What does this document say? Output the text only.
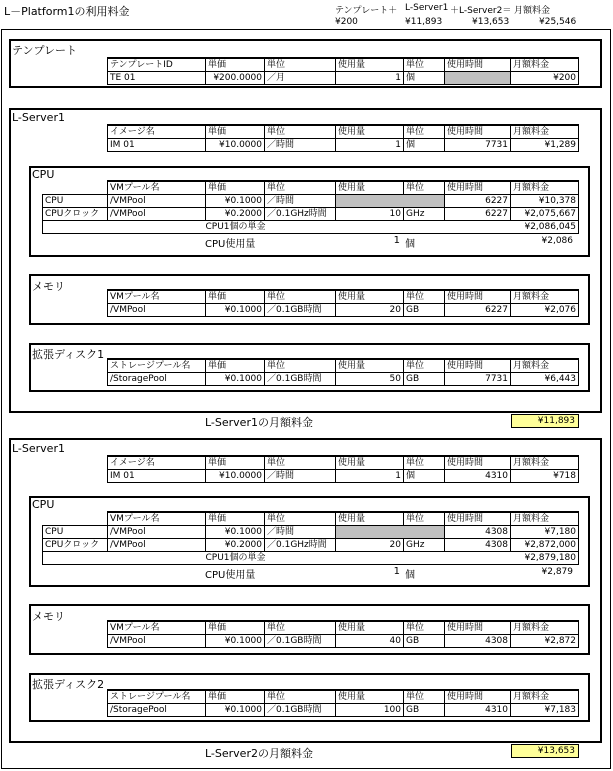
L－Platform1の利用料金	テンプレート＋ L-Server1 ＋L-Server2＝ 月額料金
¥200	¥11,893	¥13,653	¥25,546
テンプレート
テンプレートID	単価	単位	使用量	単位	使用時間	月額料金
TE 01	¥200.0000	／月	1	個		¥200
L-Server1
イメージ名	単価	単位	使用量	単位	使用時間	月額料金
IM 01	¥10.0000	／時間	1	個	7731	¥1,289
CPU
	VMプール名	単価	単位	使用量	単位	使用時間	月額料金
CPU	/VMPool	¥0.1000	／時間			6227	¥10,378
CPUクロック	/VMPool	¥0.2000	／0.1GHz時間	10	GHz	6227	¥2,075,667
		CPU1個の単金					¥2,086,045
CPU使用量	1 個	¥2,086
メモリ
VMプール名	単価	単位	使用量	単位	使用時間	月額料金
/VMPool	¥0.1000	／0.1GB時間	20	GB	6227	¥2,076
拡張ディスク1
ストレージプール名	単価	単位	使用量	単位	使用時間	月額料金
/StoragePool	¥0.1000	／0.1GB時間	50	GB	7731	¥6,443
L-Server1の月額料金	¥11,893
L-Server1
イメージ名	単価	単位	使用量	単位	使用時間	月額料金
IM 01	¥10.0000	／時間	1	個	4310	¥718
CPU
	VMプール名	単価	単位	使用量	単位	使用時間	月額料金
CPU	/VMPool	¥0.1000	／時間			4308	¥7,180
CPUクロック	/VMPool	¥0.2000	／0.1GHz時間	20	GHz	4308	¥2,872,000
		CPU1個の単金					¥2,879,180
CPU使用量	1 個	¥2,879
メモリ
VMプール名	単価	単位	使用量	単位	使用時間	月額料金
/VMPool	¥0.1000	／0.1GB時間	40	GB	4308	¥2,872
拡張ディスク2
ストレージプール名	単価	単位	使用量	単位	使用時間	月額料金
/StoragePool	¥0.1000	／0.1GB時間	100	GB	4310	¥7,183
L-Server2の月額料金	¥13,653
